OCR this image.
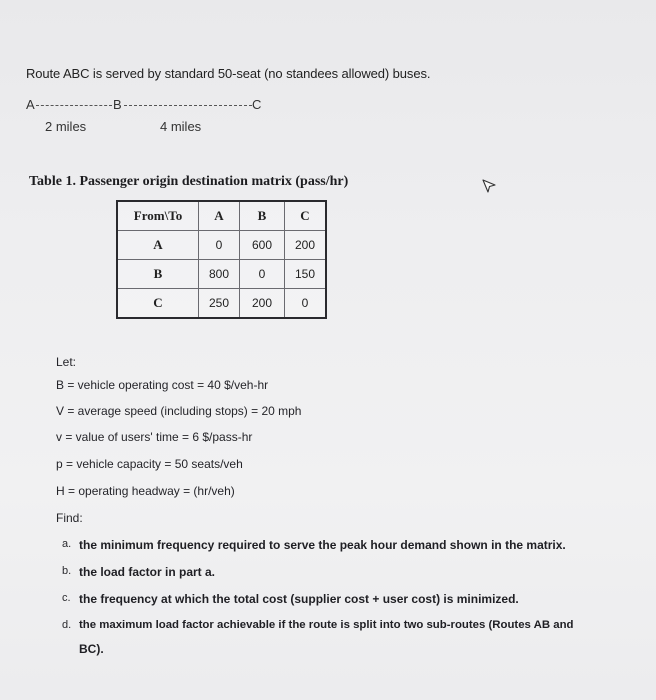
Route ABC is served by standard 50-seat (no standees allowed) buses.
A	B	C
2 miles	4 miles
Table 1. Passenger origin destination matrix (pass/hr)
From\To	A	B	C
A	0	600	200
B	800	0	150
C	250	200	0
Let:
B = vehicle operating cost = 40 $/veh-hr
V = average speed (including stops) = 20 mph
v = value of users' time = 6 $/pass-hr
p = vehicle capacity = 50 seats/veh
H = operating headway = (hr/veh)
Find:
a. the minimum frequency required to serve the peak hour demand shown in the matrix.
b. the load factor in part a.
c. the frequency at which the total cost (supplier cost + user cost) is minimized.
d. the maximum load factor achievable if the route is split into two sub-routes (Routes AB and
BC).
